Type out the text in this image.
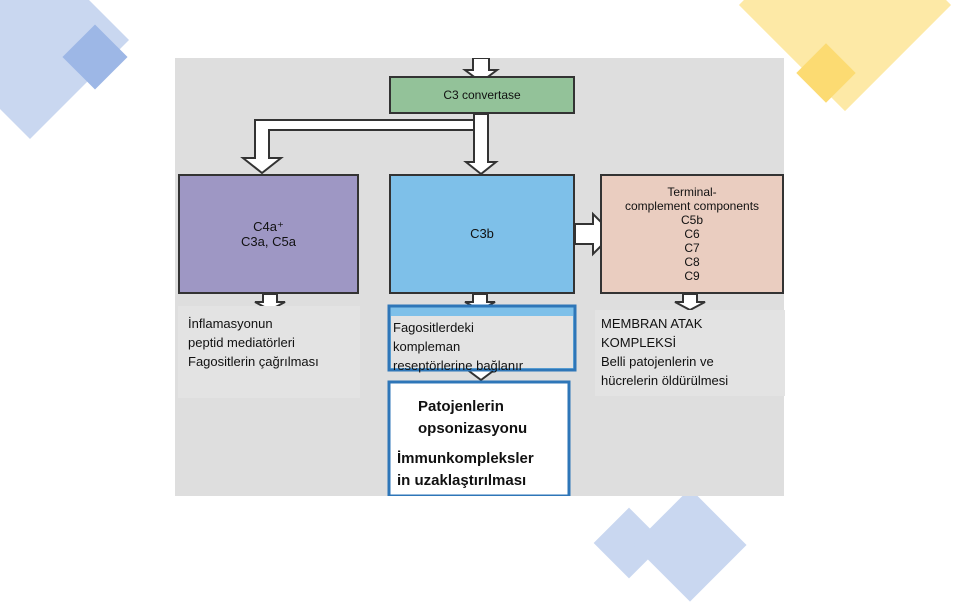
C3 convertase
C4a⁺
C3a, C5a
C3b
Terminal-
complement components
C5b
C6
C7
C8
C9
İnflamasyonun
peptid mediatörleri
Fagositlerin çağrılması
Fagositlerdeki
kompleman
reseptörlerine bağlanır
MEMBRAN ATAK
KOMPLEKSİ
Belli patojenlerin ve
hücrelerin öldürülmesi
Patojenlerin
opsonizasyonu
İmmunkompleksler
in uzaklaştırılması
